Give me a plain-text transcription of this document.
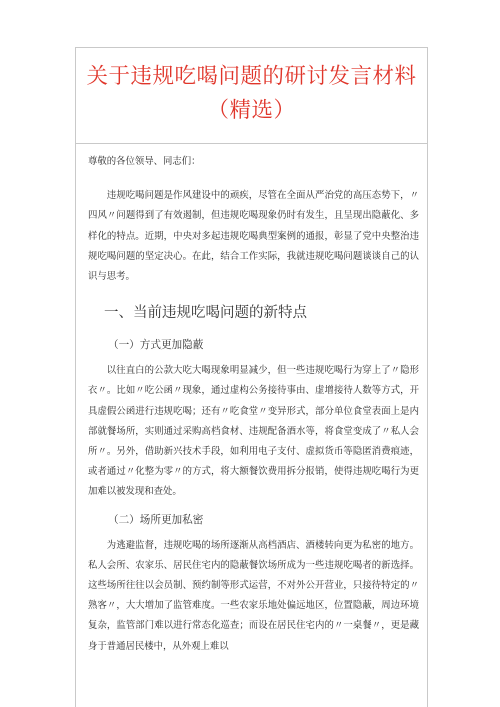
关于违规吃喝问题的研讨发言材料（精选）

尊敬的各位领导、同志们：

违规吃喝问题是作风建设中的顽疾，尽管在全面从严治党的高压态势下，〃四风〃问题得到了有效遏制，但违规吃喝现象仍时有发生，且呈现出隐蔽化、多样化的特点。近期，中央对多起违规吃喝典型案例的通报，彰显了党中央整治违规吃喝问题的坚定决心。在此，结合工作实际，我就违规吃喝问题谈谈自己的认识与思考。

一、当前违规吃喝问题的新特点

（一）方式更加隐蔽

以往直白的公款大吃大喝现象明显减少，但一些违规吃喝行为穿上了〃隐形衣〃。比如〃吃公函〃现象，通过虚构公务接待事由、虚增接待人数等方式，开具虚假公函进行违规吃喝；还有〃吃食堂〃变异形式，部分单位食堂表面上是内部就餐场所，实则通过采购高档食材、违规配备酒水等，将食堂变成了〃私人会所〃。另外，借助新兴技术手段，如利用电子支付、虚拟货币等隐匿消费痕迹，或者通过〃化整为零〃的方式，将大额餐饮费用拆分报销，使得违规吃喝行为更加难以被发现和查处。

（二）场所更加私密

为逃避监督，违规吃喝的场所逐渐从高档酒店、酒楼转向更为私密的地方。私人会所、农家乐、居民住宅内的隐蔽餐饮场所成为一些违规吃喝者的新选择。这些场所往往以会员制、预约制等形式运营，不对外公开营业，只接待特定的〃熟客〃，大大增加了监管难度。一些农家乐地处偏远地区，位置隐蔽，周边环境复杂，监管部门难以进行常态化巡查；而设在居民住宅内的〃一桌餐〃，更是藏身于普通居民楼中，从外观上难以
